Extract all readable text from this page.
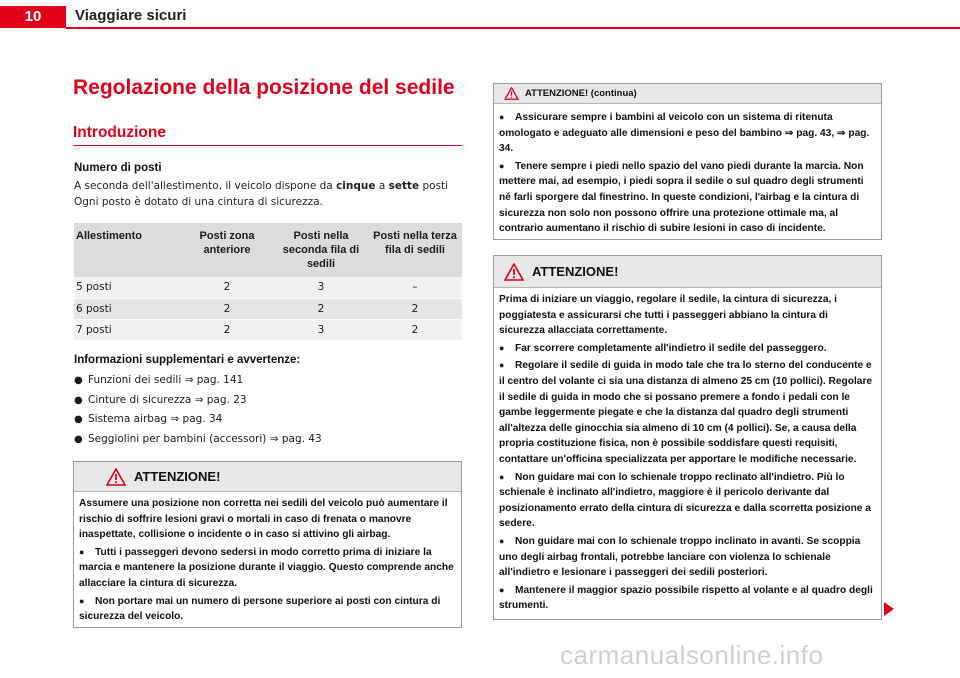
10	Viaggiare sicuri
Regolazione della posizione del sedile
Introduzione
Numero di posti
A seconda dell'allestimento, il veicolo dispone da cinque a sette posti Ogni posto è dotato di una cintura di sicurezza.
Allestimento	Posti zona anteriore	Posti nella seconda fila di sedili	Posti nella terza fila di sedili
5 posti	2	3	–
6 posti	2	2	2
7 posti	2	3	2
Informazioni supplementari e avvertenze:
● Funzioni dei sedili ⇒ pag. 141
● Cinture di sicurezza ⇒ pag. 23
● Sistema airbag ⇒ pag. 34
● Seggiolini per bambini (accessori) ⇒ pag. 43
ATTENZIONE!

Assumere una posizione non corretta nei sedili del veicolo può aumentare il rischio di soffrire lesioni gravi o mortali in caso di frenata o manovre inaspettate, collisione o incidente o in caso si attivino gli airbag.

● Tutti i passeggeri devono sedersi in modo corretto prima di iniziare la marcia e mantenere la posizione durante il viaggio. Questo comprende anche allacciare la cintura di sicurezza.

● Non portare mai un numero di persone superiore ai posti con cintura di sicurezza del veicolo.

ATTENZIONE! (continua)

● Assicurare sempre i bambini al veicolo con un sistema di ritenuta omologato e adeguato alle dimensioni e peso del bambino ⇒ pag. 43, ⇒ pag. 34.

● Tenere sempre i piedi nello spazio del vano piedi durante la marcia. Non mettere mai, ad esempio, i piedi sopra il sedile o sul quadro degli strumenti né farli sporgere dal finestrino. In queste condizioni, l'airbag e la cintura di sicurezza non solo non possono offrire una protezione ottimale ma, al contrario aumentano il rischio di subire lesioni in caso di incidente.

ATTENZIONE!

Prima di iniziare un viaggio, regolare il sedile, la cintura di sicurezza, i poggiatesta e assicurarsi che tutti i passeggeri abbiano la cintura di sicurezza allacciata correttamente.

● Far scorrere completamente all'indietro il sedile del passeggero.

● Regolare il sedile di guida in modo tale che tra lo sterno del conducente e il centro del volante ci sia una distanza di almeno 25 cm (10 pollici). Regolare il sedile di guida in modo che si possano premere a fondo i pedali con le gambe leggermente piegate e che la distanza dal quadro degli strumenti all'altezza delle ginocchia sia almeno di 10 cm (4 pollici). Se, a causa della propria costituzione fisica, non è possibile soddisfare questi requisiti, contattare un'officina specializzata per apportare le modifiche necessarie.

● Non guidare mai con lo schienale troppo reclinato all'indietro. Più lo schienale è inclinato all'indietro, maggiore è il pericolo derivante dal posizionamento errato della cintura di sicurezza e dalla scorretta posizione a sedere.

● Non guidare mai con lo schienale troppo inclinato in avanti. Se scoppia uno degli airbag frontali, potrebbe lanciare con violenza lo schienale all'indietro e lesionare i passeggeri dei sedili posteriori.

● Mantenere il maggior spazio possibile rispetto al volante e al quadro degli strumenti.

carmanualsonline.info
